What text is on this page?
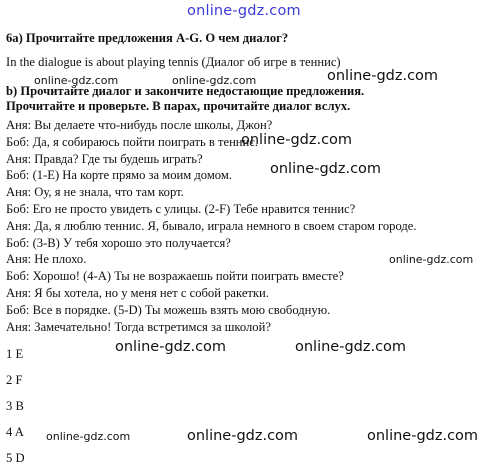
online-gdz.com
6а) Прочитайте предложения A-G. О чем диалог?
In the dialogue is about playing tennis (Диалог об игре в теннис)
b) Прочитайте диалог и закончите недостающие предложения.
Прочитайте и проверьте. В парах, прочитайте диалог вслух.
Аня: Вы делаете что-нибудь после школы, Джон?
Боб: Да, я собираюсь пойти поиграть в теннис.
Аня: Правда? Где ты будешь играть?
Боб: (1-Е) На корте прямо за моим домом.
Аня: Оу, я не знала, что там корт.
Боб: Его не просто увидеть с улицы. (2-F) Тебе нравится теннис?
Аня: Да, я люблю теннис. Я, бывало, играла немного в своем старом городе.
Боб: (3-В) У тебя хорошо это получается?
Аня: Не плохо.
Боб: Хорошо! (4-А) Ты не возражаешь пойти поиграть вместе?
Аня: Я бы хотела, но у меня нет с собой ракетки.
Боб: Все в порядке. (5-D) Ты можешь взять мою свободную.
Аня: Замечательно! Тогда встретимся за школой?
1 E
2 F
3 B
4 A
5 D
online-gdz.com	online-gdz.com	online-gdz.com
online-gdz.com
online-gdz.com
online-gdz.com
online-gdz.com	online-gdz.com
online-gdz.com	online-gdz.com	online-gdz.com
